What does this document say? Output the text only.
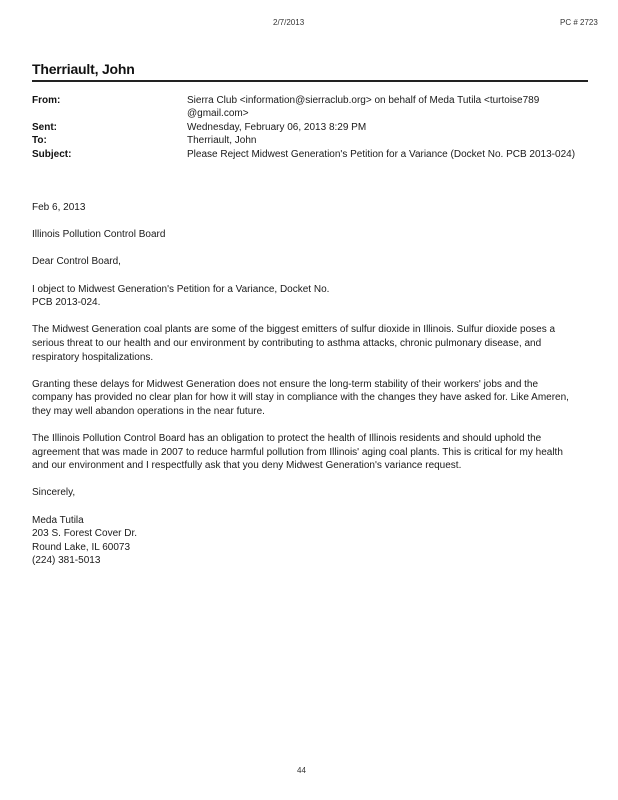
2/7/2013	PC # 2723
Therriault, John
From:	Sierra Club <information@sierraclub.org> on behalf of Meda Tutila <turtoise789
@gmail.com>
Sent:	Wednesday, February 06, 2013 8:29 PM
To:	Therriault, John
Subject:	Please Reject Midwest Generation's Petition for a Variance (Docket No. PCB 2013-024)

Feb 6, 2013

Illinois Pollution Control Board

Dear Control Board,

I object to Midwest Generation's Petition for a Variance, Docket No. PCB 2013-024.

The Midwest Generation coal plants are some of the biggest emitters of sulfur dioxide in Illinois. Sulfur dioxide poses a serious threat to our health and our environment by contributing to asthma attacks, chronic pulmonary disease, and respiratory hospitalizations.

Granting these delays for Midwest Generation does not ensure the long-term stability of their workers' jobs and the company has provided no clear plan for how it will stay in compliance with the changes they have asked for. Like Ameren, they may well abandon operations in the near future.

The Illinois Pollution Control Board has an obligation to protect the health of Illinois residents and should uphold the agreement that was made in 2007 to reduce harmful pollution from Illinois' aging coal plants. This is critical for my health and our environment and I respectfully ask that you deny Midwest Generation's variance request.

Sincerely,

Meda Tutila

203 S. Forest Cover Dr.

Round Lake, IL 60073

(224) 381-5013

44
